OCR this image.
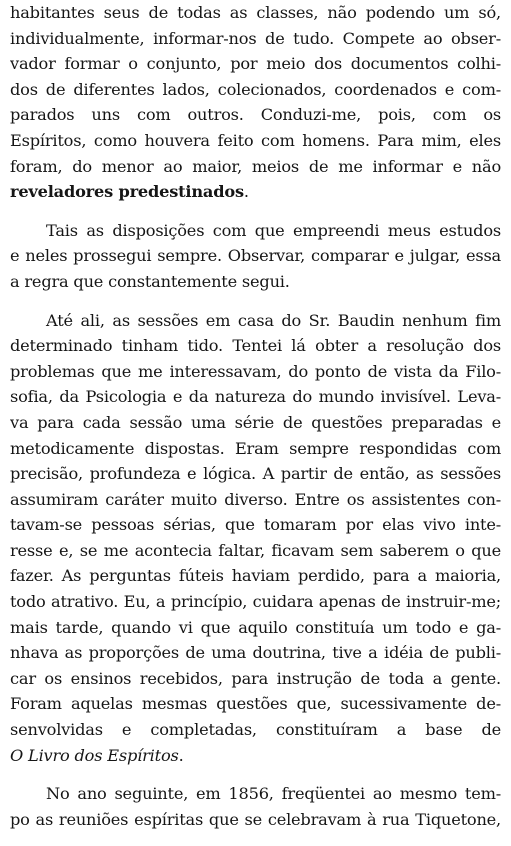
habitantes seus de todas as classes, não podendo um só,
individualmente, informar-nos de tudo. Compete ao obser-
vador formar o conjunto, por meio dos documentos colhi-
dos de diferentes lados, colecionados, coordenados e com-
parados uns com outros. Conduzi-me, pois, com os
Espíritos, como houvera feito com homens. Para mim, eles
foram, do menor ao maior, meios de me informar e não
reveladores predestinados.
Tais as disposições com que empreendi meus estudos
e neles prossegui sempre. Observar, comparar e julgar, essa
a regra que constantemente segui.
Até ali, as sessões em casa do Sr. Baudin nenhum fim
determinado tinham tido. Tentei lá obter a resolução dos
problemas que me interessavam, do ponto de vista da Filo-
sofia, da Psicologia e da natureza do mundo invisível. Leva-
va para cada sessão uma série de questões preparadas e
metodicamente dispostas. Eram sempre respondidas com
precisão, profundeza e lógica. A partir de então, as sessões
assumiram caráter muito diverso. Entre os assistentes con-
tavam-se pessoas sérias, que tomaram por elas vivo inte-
resse e, se me acontecia faltar, ficavam sem saberem o que
fazer. As perguntas fúteis haviam perdido, para a maioria,
todo atrativo. Eu, a princípio, cuidara apenas de instruir-me;
mais tarde, quando vi que aquilo constituía um todo e ga-
nhava as proporções de uma doutrina, tive a idéia de publi-
car os ensinos recebidos, para instrução de toda a gente.
Foram aquelas mesmas questões que, sucessivamente de-
senvolvidas e completadas, constituíram a base de
O Livro dos Espíritos.
No ano seguinte, em 1856, freqüentei ao mesmo tem-
po as reuniões espíritas que se celebravam à rua Tiquetone,
